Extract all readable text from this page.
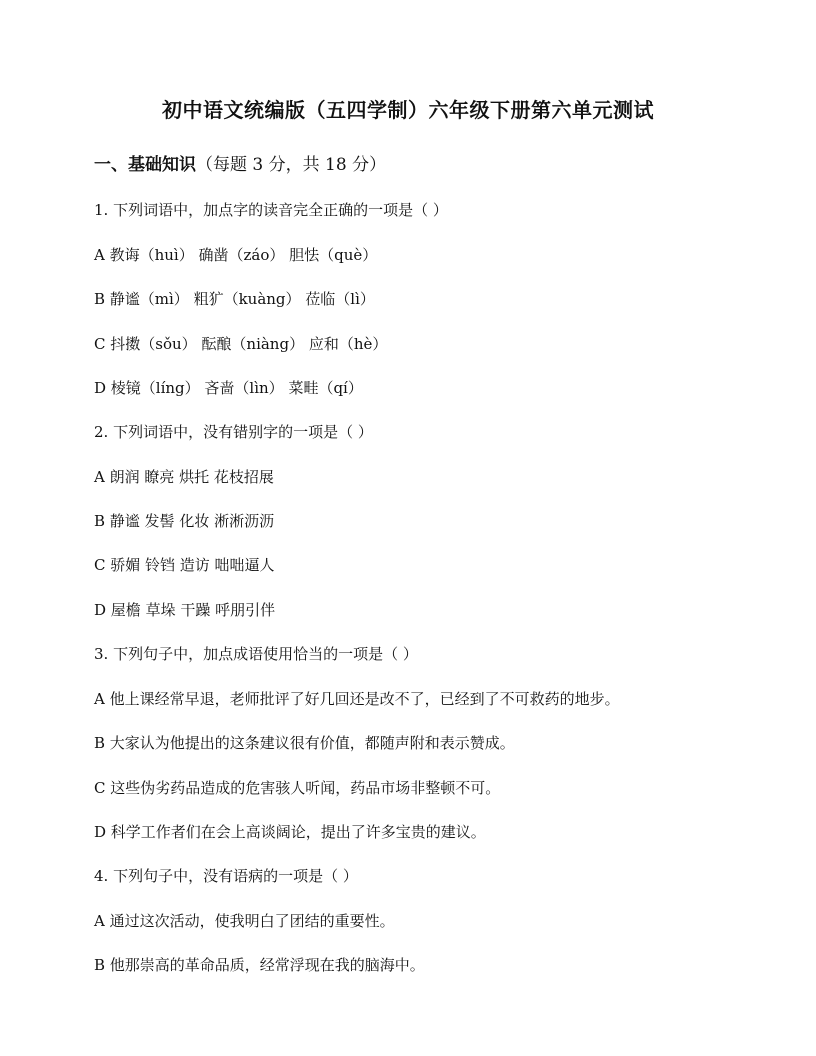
初中语文统编版（五四学制）六年级下册第六单元测试
一、基础知识（每题 3 分，共 18 分）
1. 下列词语中，加点字的读音完全正确的一项是（ ）
A 教诲（huì） 确凿（záo） 胆怯（què）
B 静谧（mì） 粗犷（kuàng） 莅临（lì）
C 抖擞（sǒu） 酝酿（niàng） 应和（hè）
D 棱镜（líng） 吝啬（lìn） 菜畦（qí）
2. 下列词语中，没有错别字的一项是（ ）
A 朗润 瞭亮 烘托 花枝招展
B 静谧 发髻 化妆 淅淅沥沥
C 骄媚 铃铛 造访 咄咄逼人
D 屋檐 草垛 干躁 呼朋引伴
3. 下列句子中，加点成语使用恰当的一项是（ ）
A 他上课经常早退，老师批评了好几回还是改不了，已经到了不可救药的地步。
B 大家认为他提出的这条建议很有价值，都随声附和表示赞成。
C 这些伪劣药品造成的危害骇人听闻，药品市场非整顿不可。
D 科学工作者们在会上高谈阔论，提出了许多宝贵的建议。
4. 下列句子中，没有语病的一项是（ ）
A 通过这次活动，使我明白了团结的重要性。
B 他那崇高的革命品质，经常浮现在我的脑海中。
